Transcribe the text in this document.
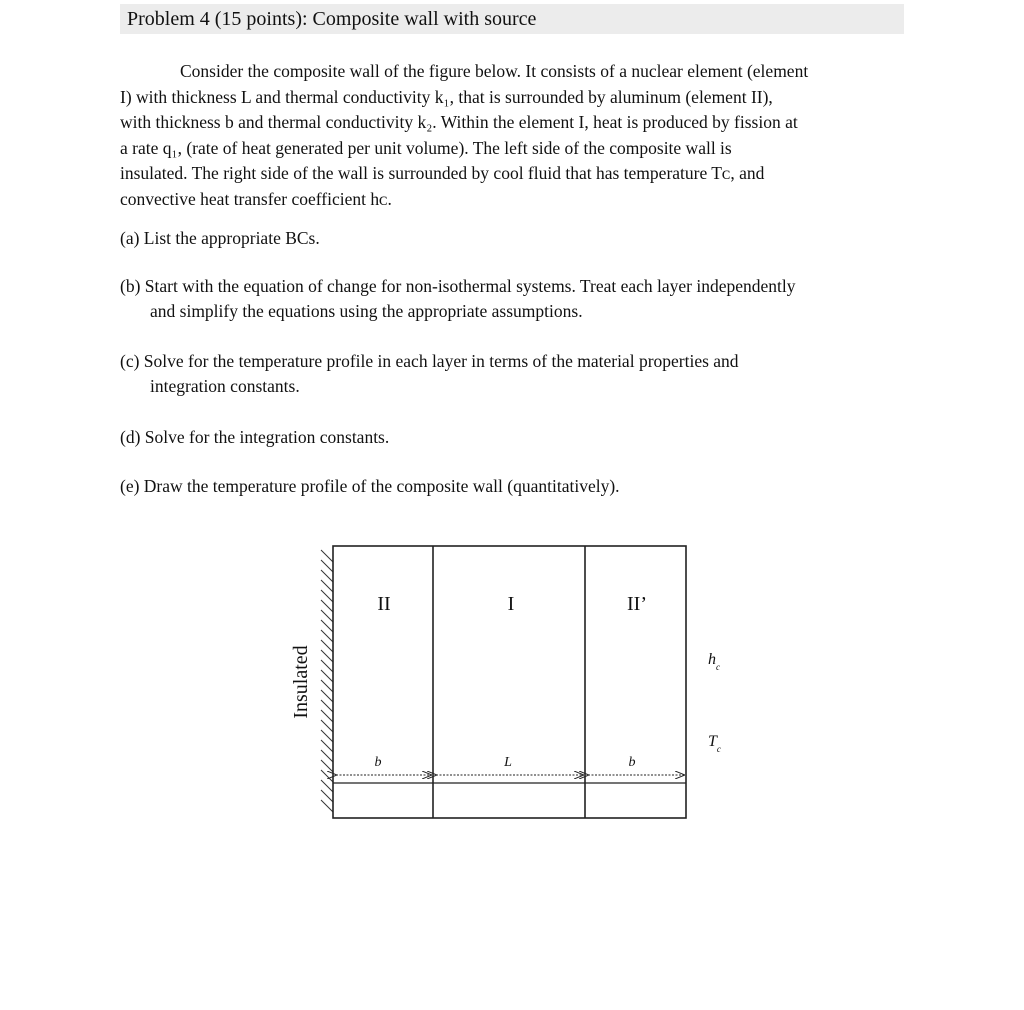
Problem 4 (15 points): Composite wall with source

Consider the composite wall of the figure below. It consists of a nuclear element (element
I) with thickness L and thermal conductivity k₁, that is surrounded by aluminum (element II),
with thickness b and thermal conductivity k₂. Within the element I, heat is produced by fission at
a rate q₁, (rate of heat generated per unit volume). The left side of the composite wall is
insulated. The right side of the wall is surrounded by cool fluid that has temperature Tᴄ, and
convective heat transfer coefficient hᴄ.

(a) List the appropriate BCs.
(b) Start with the equation of change for non-isothermal systems. Treat each layer independently
and simplify the equations using the appropriate assumptions.
(c) Solve for the temperature profile in each layer in terms of the material properties and
integration constants.
(d) Solve for the integration constants.
(e) Draw the temperature profile of the composite wall (quantitatively).
Insulated
II	I	II’
b	L	b
$h_c$
$T_c$
